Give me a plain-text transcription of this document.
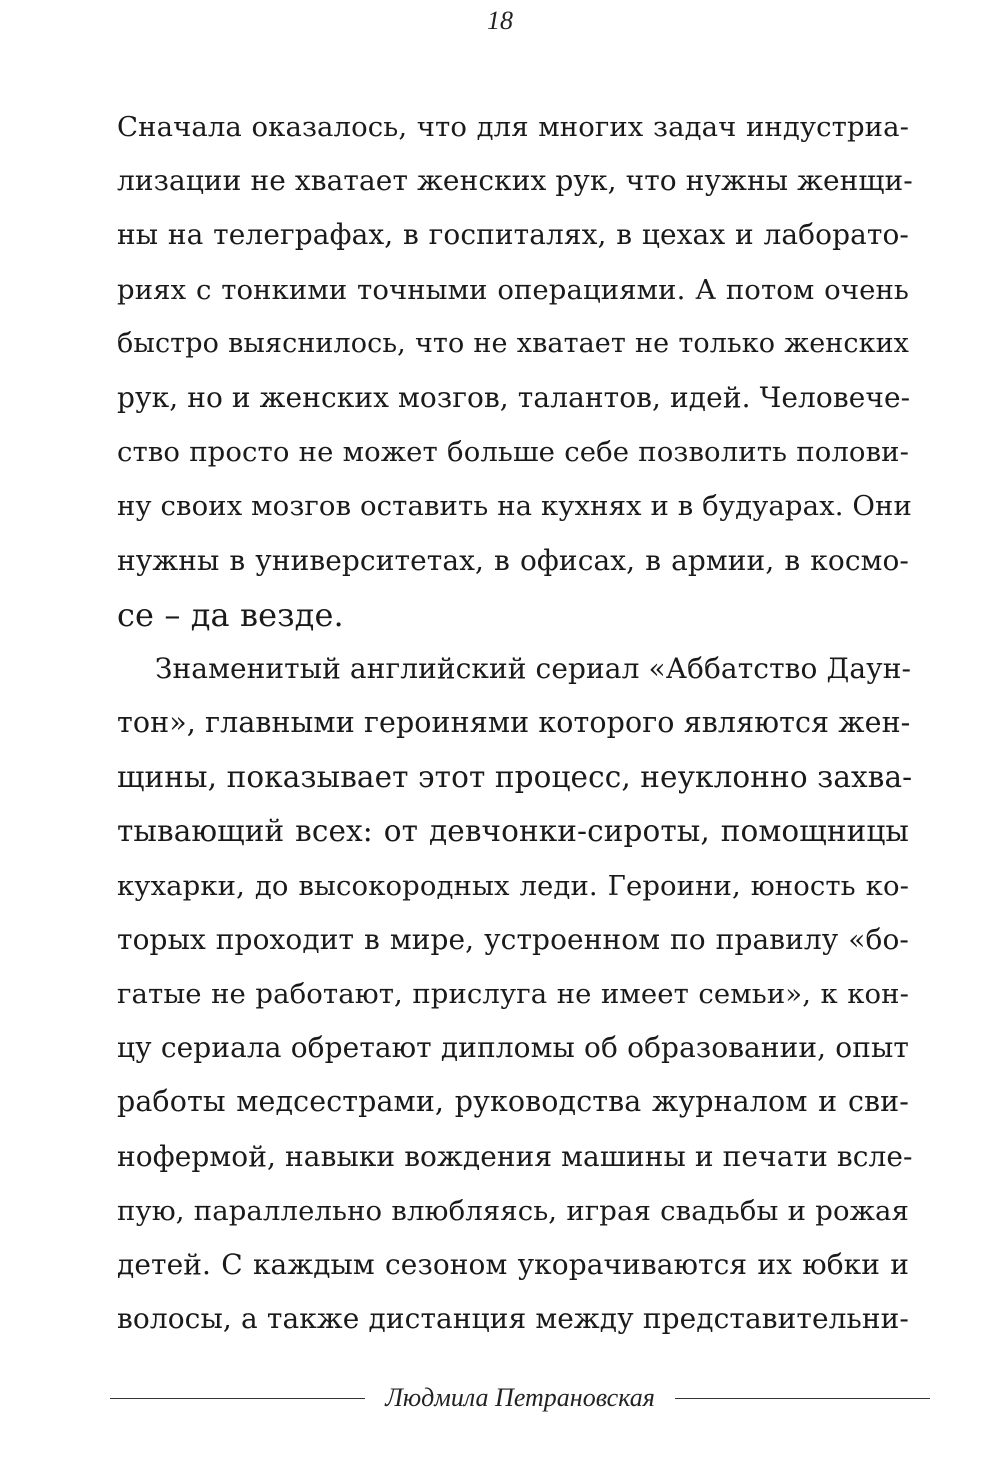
18
Сначала оказалось, что для многих задач индустриа-
лизации не хватает женских рук, что нужны женщи-
ны на телеграфах, в госпиталях, в цехах и лаборато-
риях с тонкими точными операциями. А потом очень
быстро выяснилось, что не хватает не только женских
рук, но и женских мозгов, талантов, идей. Человече-
ство просто не может больше себе позволить полови-
ну своих мозгов оставить на кухнях и в будуарах. Они
нужны в университетах, в офисах, в армии, в космо-
се – да везде.
Знаменитый английский сериал «Аббатство Даун-
тон», главными героинями которого являются жен-
щины, показывает этот процесс, неуклонно захва-
тывающий всех: от девчонки-сироты, помощницы
кухарки, до высокородных леди. Героини, юность ко-
торых проходит в мире, устроенном по правилу «бо-
гатые не работают, прислуга не имеет семьи», к кон-
цу сериала обретают дипломы об образовании, опыт
работы медсестрами, руководства журналом и сви-
нофермой, навыки вождения машины и печати всле-
пую, параллельно влюбляясь, играя свадьбы и рожая
детей. С каждым сезоном укорачиваются их юбки и
волосы, а также дистанция между представительни-
Людмила Петрановская
